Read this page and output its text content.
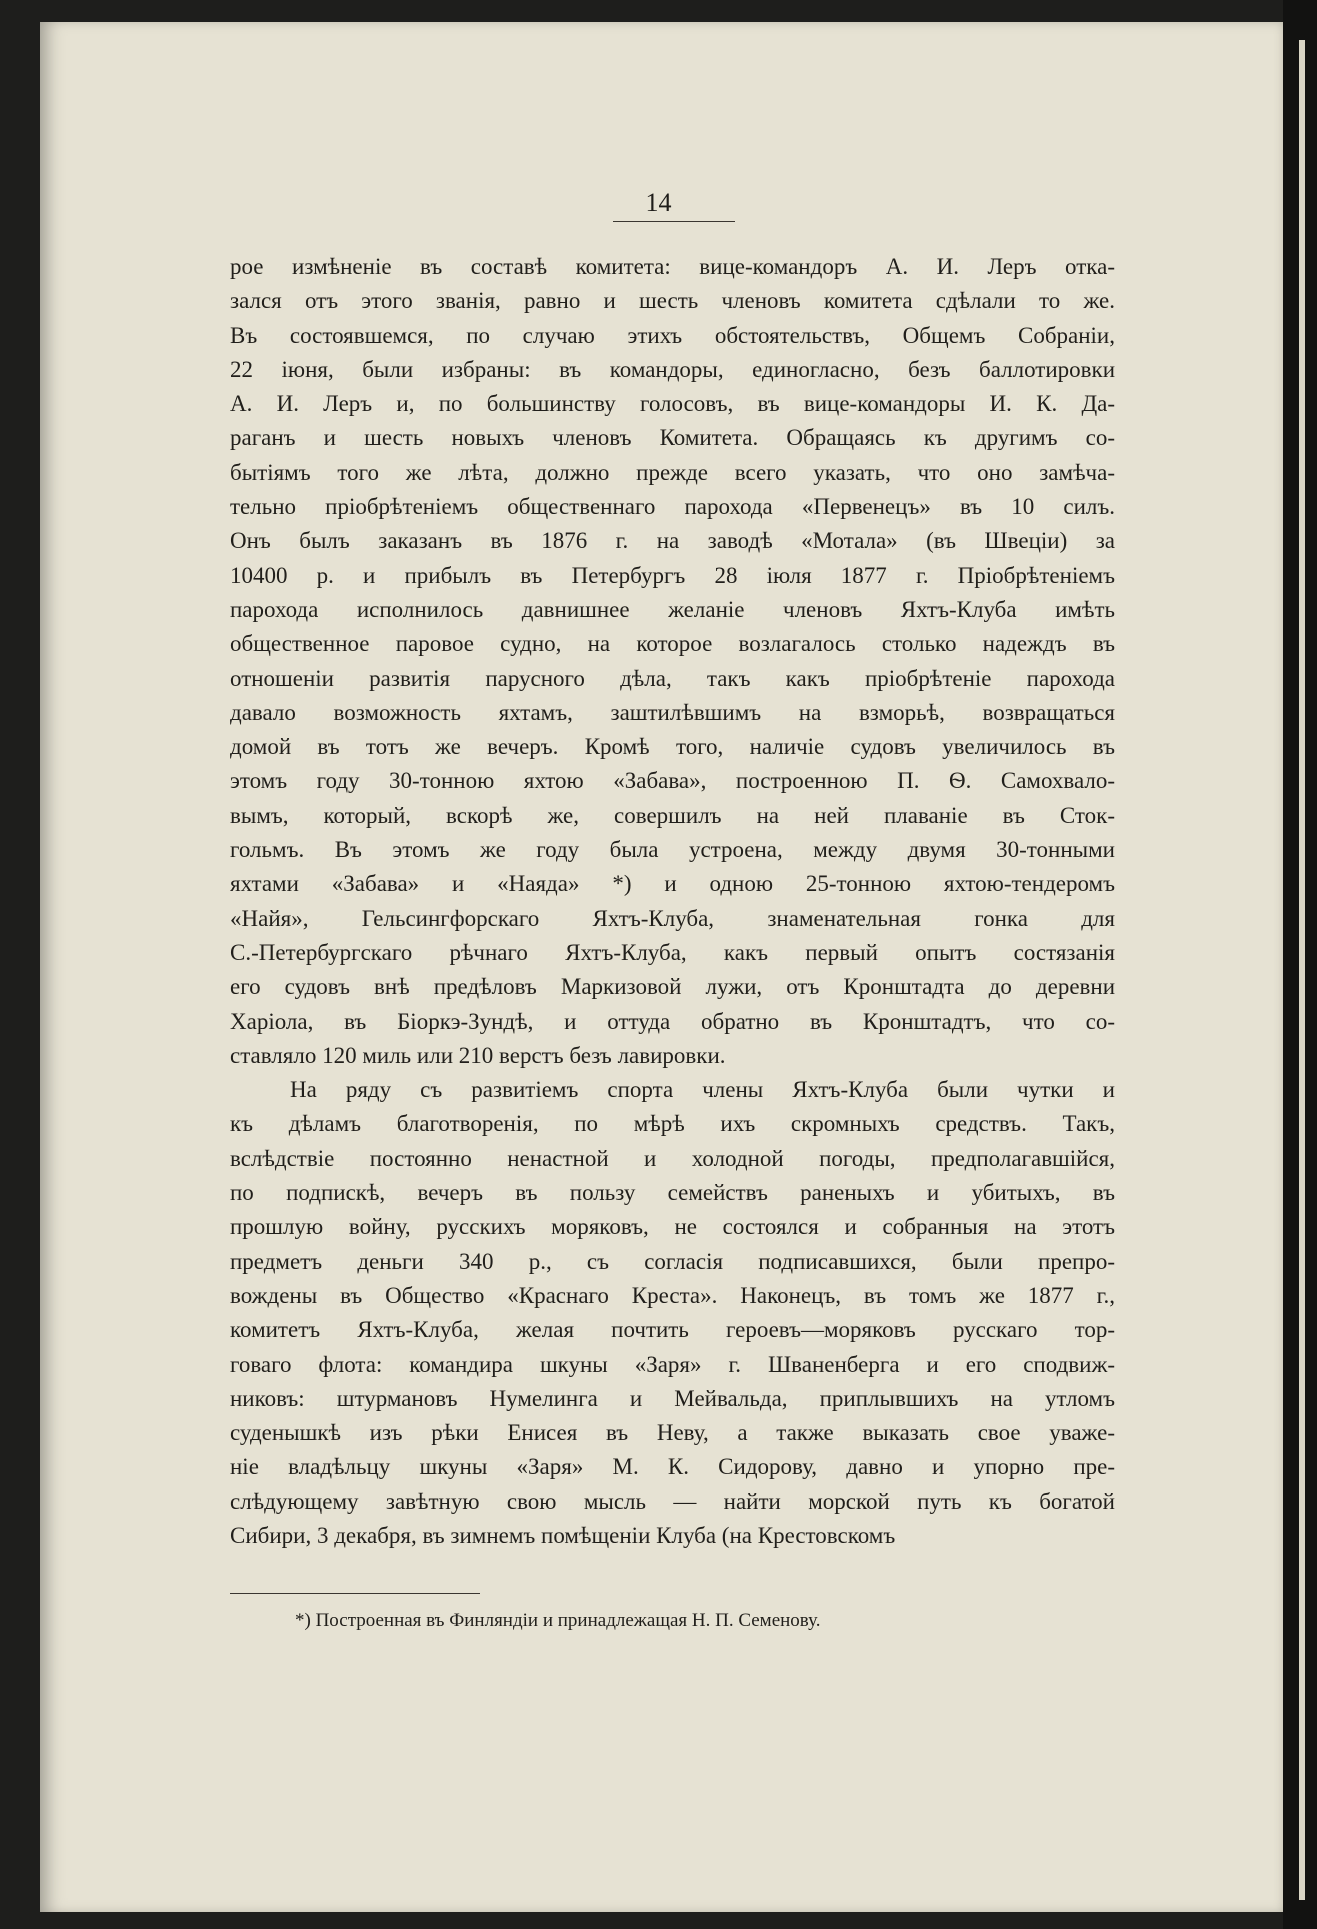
14
рое измѣненіе въ составѣ комитета: вице-командоръ А. И. Леръ отка-
зался отъ этого званія, равно и шесть членовъ комитета сдѣлали то же.
Въ состоявшемся, по случаю этихъ обстоятельствъ, Общемъ Собраніи,
22 іюня, были избраны: въ командоры, единогласно, безъ баллотировки
А. И. Леръ и, по большинству голосовъ, въ вице-командоры И. К. Да-
раганъ и шесть новыхъ членовъ Комитета. Обращаясь къ другимъ со-
бытіямъ того же лѣта, должно прежде всего указать, что оно замѣча-
тельно пріобрѣтеніемъ общественнаго парохода «Первенецъ» въ 10 силъ.
Онъ былъ заказанъ въ 1876 г. на заводѣ «Мотала» (въ Швеціи) за
10400 р. и прибылъ въ Петербургъ 28 іюля 1877 г. Пріобрѣтеніемъ
парохода исполнилось давнишнее желаніе членовъ Яхтъ-Клуба имѣть
общественное паровое судно, на которое возлагалось столько надеждъ въ
отношеніи развитія парусного дѣла, такъ какъ пріобрѣтеніе парохода
давало возможность яхтамъ, заштилѣвшимъ на взморьѣ, возвращаться
домой въ тотъ же вечеръ. Кромѣ того, наличіе судовъ увеличилось въ
этомъ году 30-тонною яхтою «Забава», построенною П. Ѳ. Самохвало-
вымъ, который, вскорѣ же, совершилъ на ней плаваніе въ Сток-
гольмъ. Въ этомъ же году была устроена, между двумя 30-тонными
яхтами «Забава» и «Наяда» *) и одною 25-тонною яхтою-тендеромъ
«Найя», Гельсингфорскаго Яхтъ-Клуба, знаменательная гонка для
С.-Петербургскаго рѣчнаго Яхтъ-Клуба, какъ первый опытъ состязанія
его судовъ внѣ предѣловъ Маркизовой лужи, отъ Кронштадта до деревни
Харіола, въ Біоркэ-Зундѣ, и оттуда обратно въ Кронштадтъ, что со-
ставляло 120 миль или 210 верстъ безъ лавировки.
На ряду съ развитіемъ спорта члены Яхтъ-Клуба были чутки и
къ дѣламъ благотворенія, по мѣрѣ ихъ скромныхъ средствъ. Такъ,
вслѣдствіе постоянно ненастной и холодной погоды, предполагавшійся,
по подпискѣ, вечеръ въ пользу семействъ раненыхъ и убитыхъ, въ
прошлую войну, русскихъ моряковъ, не состоялся и собранныя на этотъ
предметъ деньги 340 р., съ согласія подписавшихся, были препро-
вождены въ Общество «Краснаго Креста». Наконецъ, въ томъ же 1877 г.,
комитетъ Яхтъ-Клуба, желая почтить героевъ—моряковъ русскаго тор-
говаго флота: командира шкуны «Заря» г. Шваненберга и его сподвиж-
никовъ: штурмановъ Нумелинга и Мейвальда, приплывшихъ на утломъ
суденышкѣ изъ рѣки Енисея въ Неву, а также выказать свое уваже-
ніе владѣльцу шкуны «Заря» М. К. Сидорову, давно и упорно пре-
слѣдующему завѣтную свою мысль — найти морской путь къ богатой
Сибири, 3 декабря, въ зимнемъ помѣщеніи Клуба (на Крестовскомъ
*) Построенная въ Финляндіи и принадлежащая Н. П. Семенову.
